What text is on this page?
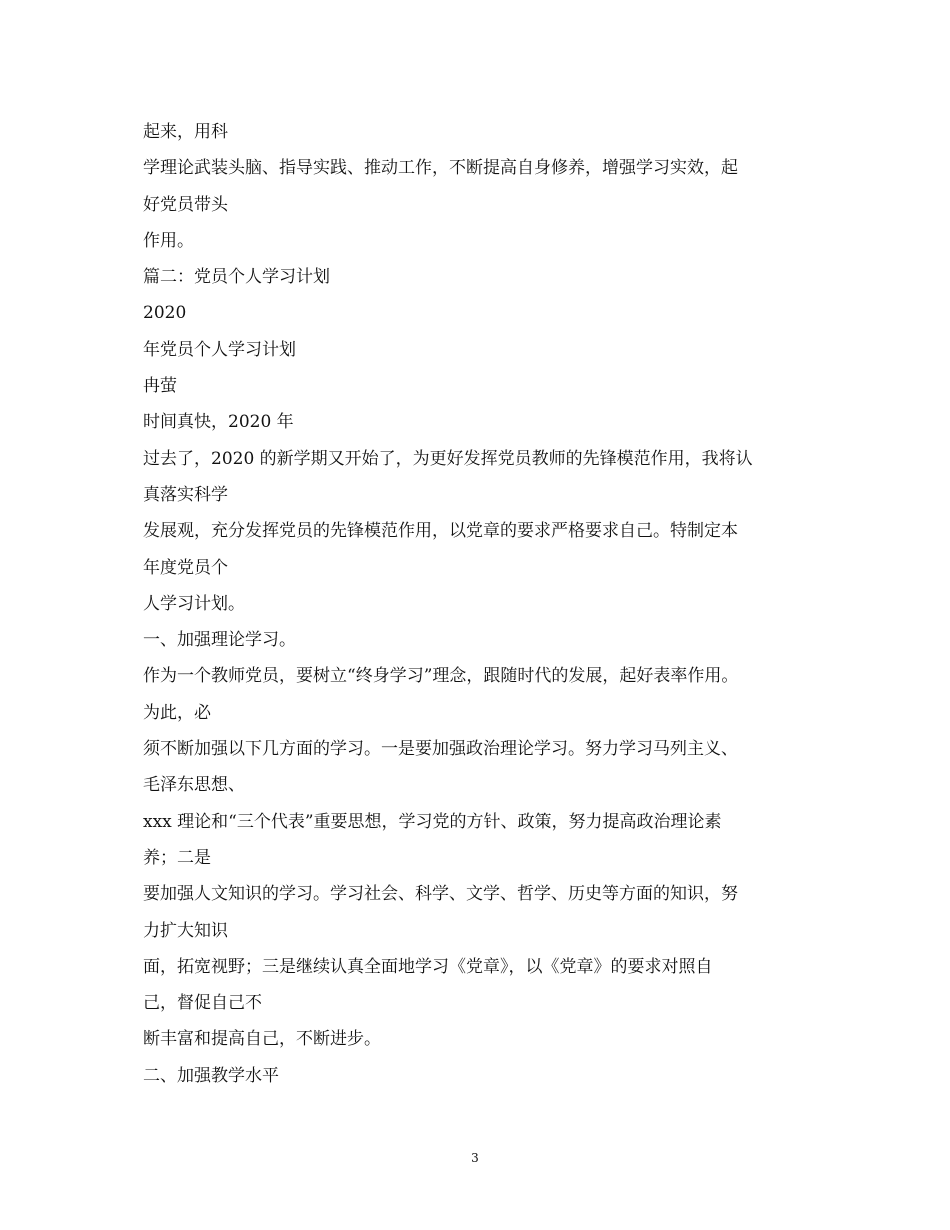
起来，用科
学理论武装头脑、指导实践、推动工作，不断提高自身修养，增强学习实效，起
好党员带头
作用。
篇二：党员个人学习计划
2020
年党员个人学习计划
冉萤
时间真快，2020 年
过去了，2020 的新学期又开始了，为更好发挥党员教师的先锋模范作用，我将认
真落实科学
发展观，充分发挥党员的先锋模范作用，以党章的要求严格要求自己。特制定本
年度党员个
人学习计划。
一、加强理论学习。
作为一个教师党员，要树立“终身学习”理念，跟随时代的发展，起好表率作用。
为此，必
须不断加强以下几方面的学习。一是要加强政治理论学习。努力学习马列主义、
毛泽东思想、
xxx 理论和“三个代表”重要思想，学习党的方针、政策，努力提高政治理论素
养；二是
要加强人文知识的学习。学习社会、科学、文学、哲学、历史等方面的知识，努
力扩大知识
面，拓宽视野；三是继续认真全面地学习《党章》，以《党章》的要求对照自
己，督促自己不
断丰富和提高自己，不断进步。
二、加强教学水平
3
